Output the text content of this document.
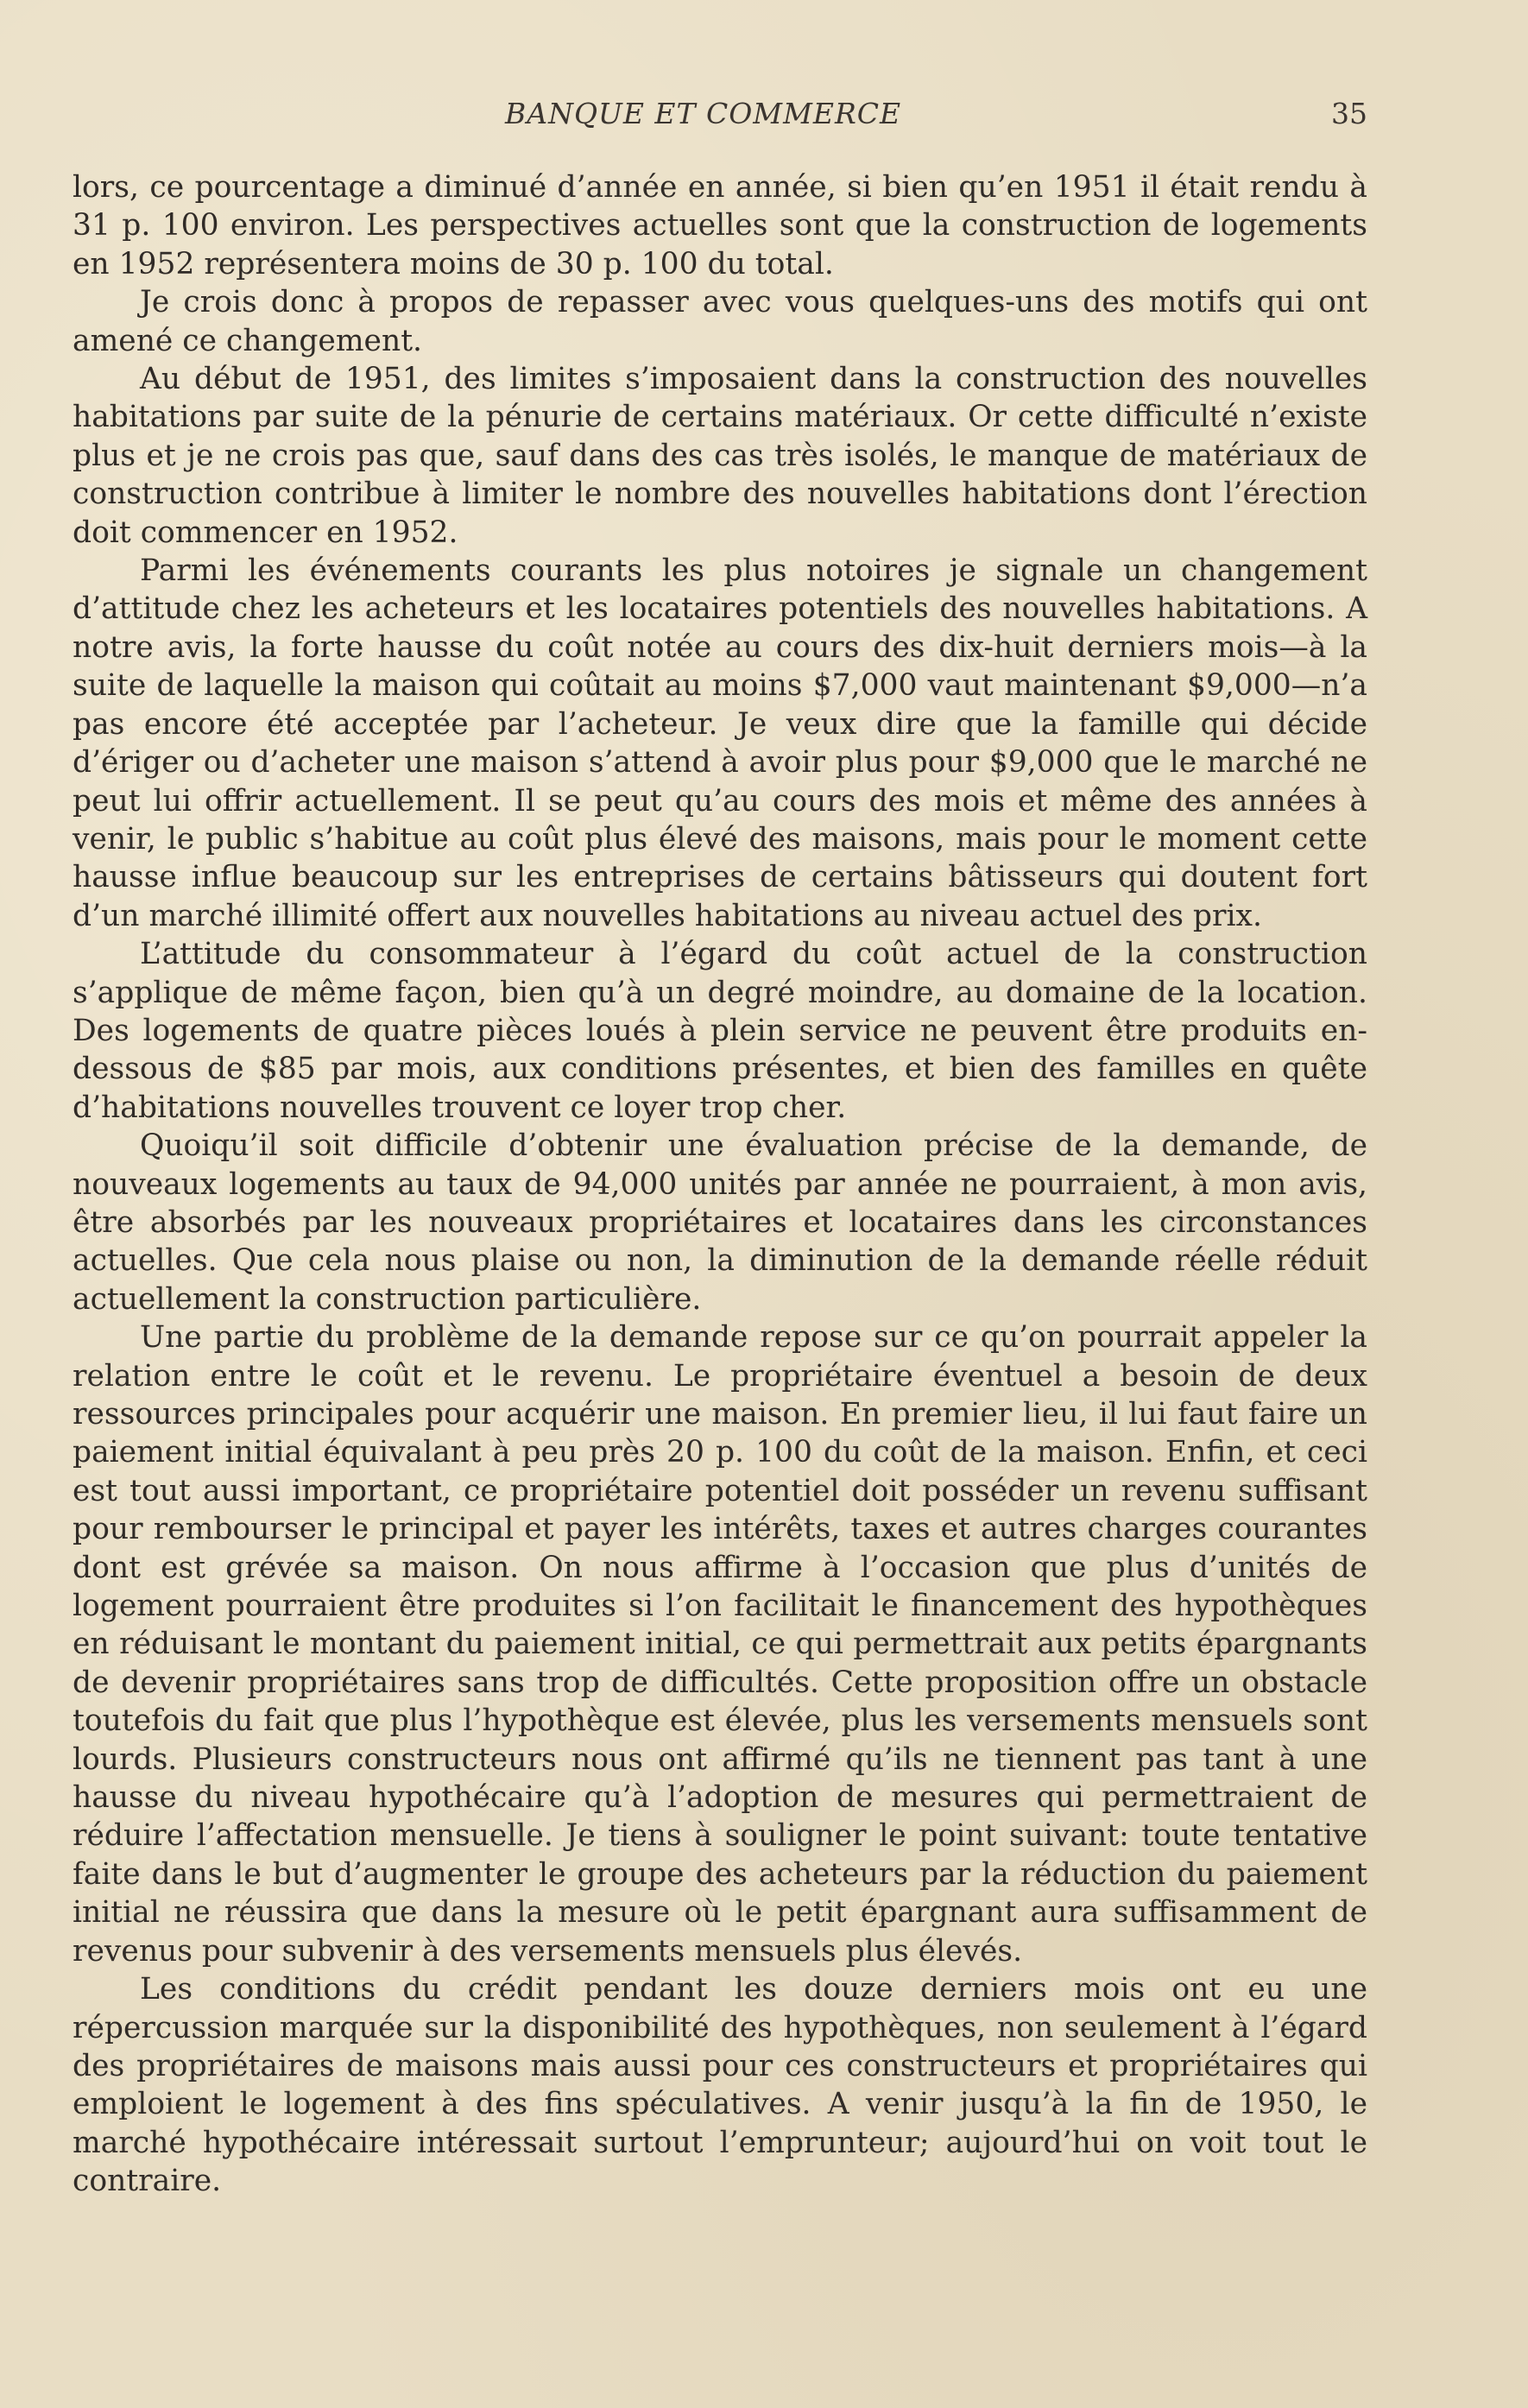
BANQUE ET COMMERCE	35

lors, ce pourcentage a diminué d’année en année, si bien qu’en 1951 il était rendu à 31 p. 100 environ. Les perspectives actuelles sont que la construction de logements en 1952 représentera moins de 30 p. 100 du total.

Je crois donc à propos de repasser avec vous quelques-uns des motifs qui ont amené ce changement.

Au début de 1951, des limites s’imposaient dans la construction des nouvelles habitations par suite de la pénurie de certains matériaux. Or cette difficulté n’existe plus et je ne crois pas que, sauf dans des cas très isolés, le manque de matériaux de construction contribue à limiter le nombre des nouvelles habitations dont l’érection doit commencer en 1952.

Parmi les événements courants les plus notoires je signale un changement d’attitude chez les acheteurs et les locataires potentiels des nouvelles habitations. A notre avis, la forte hausse du coût notée au cours des dix-huit derniers mois—à la suite de laquelle la maison qui coûtait au moins $7,000 vaut maintenant $9,000—n’a pas encore été acceptée par l’acheteur. Je veux dire que la famille qui décide d’ériger ou d’acheter une maison s’attend à avoir plus pour $9,000 que le marché ne peut lui offrir actuellement. Il se peut qu’au cours des mois et même des années à venir, le public s’habitue au coût plus élevé des maisons, mais pour le moment cette hausse influe beaucoup sur les entreprises de certains bâtisseurs qui doutent fort d’un marché illimité offert aux nouvelles habitations au niveau actuel des prix.

L’attitude du consommateur à l’égard du coût actuel de la construction s’applique de même façon, bien qu’à un degré moindre, au domaine de la location. Des logements de quatre pièces loués à plein service ne peuvent être produits en-dessous de $85 par mois, aux conditions présentes, et bien des familles en quête d’habitations nouvelles trouvent ce loyer trop cher.

Quoiqu’il soit difficile d’obtenir une évaluation précise de la demande, de nouveaux logements au taux de 94,000 unités par année ne pourraient, à mon avis, être absorbés par les nouveaux propriétaires et locataires dans les circonstances actuelles. Que cela nous plaise ou non, la diminution de la demande réelle réduit actuellement la construction particulière.

Une partie du problème de la demande repose sur ce qu’on pourrait appeler la relation entre le coût et le revenu. Le propriétaire éventuel a besoin de deux ressources principales pour acquérir une maison. En premier lieu, il lui faut faire un paiement initial équivalant à peu près 20 p. 100 du coût de la maison. Enfin, et ceci est tout aussi important, ce propriétaire potentiel doit posséder un revenu suffisant pour rembourser le principal et payer les intérêts, taxes et autres charges courantes dont est grévée sa maison. On nous affirme à l’occasion que plus d’unités de logement pourraient être produites si l’on facilitait le financement des hypothèques en réduisant le montant du paiement initial, ce qui permettrait aux petits épargnants de devenir propriétaires sans trop de difficultés. Cette proposition offre un obstacle toutefois du fait que plus l’hypothèque est élevée, plus les versements mensuels sont lourds. Plusieurs constructeurs nous ont affirmé qu’ils ne tiennent pas tant à une hausse du niveau hypothécaire qu’à l’adoption de mesures qui permettraient de réduire l’affectation mensuelle. Je tiens à souligner le point suivant: toute tentative faite dans le but d’augmenter le groupe des acheteurs par la réduction du paiement initial ne réussira que dans la mesure où le petit épargnant aura suffisamment de revenus pour subvenir à des versements mensuels plus élevés.

Les conditions du crédit pendant les douze derniers mois ont eu une répercussion marquée sur la disponibilité des hypothèques, non seulement à l’égard des propriétaires de maisons mais aussi pour ces constructeurs et propriétaires qui emploient le logement à des fins spéculatives. A venir jusqu’à la fin de 1950, le marché hypothécaire intéressait surtout l’emprunteur; aujourd’hui on voit tout le contraire.
